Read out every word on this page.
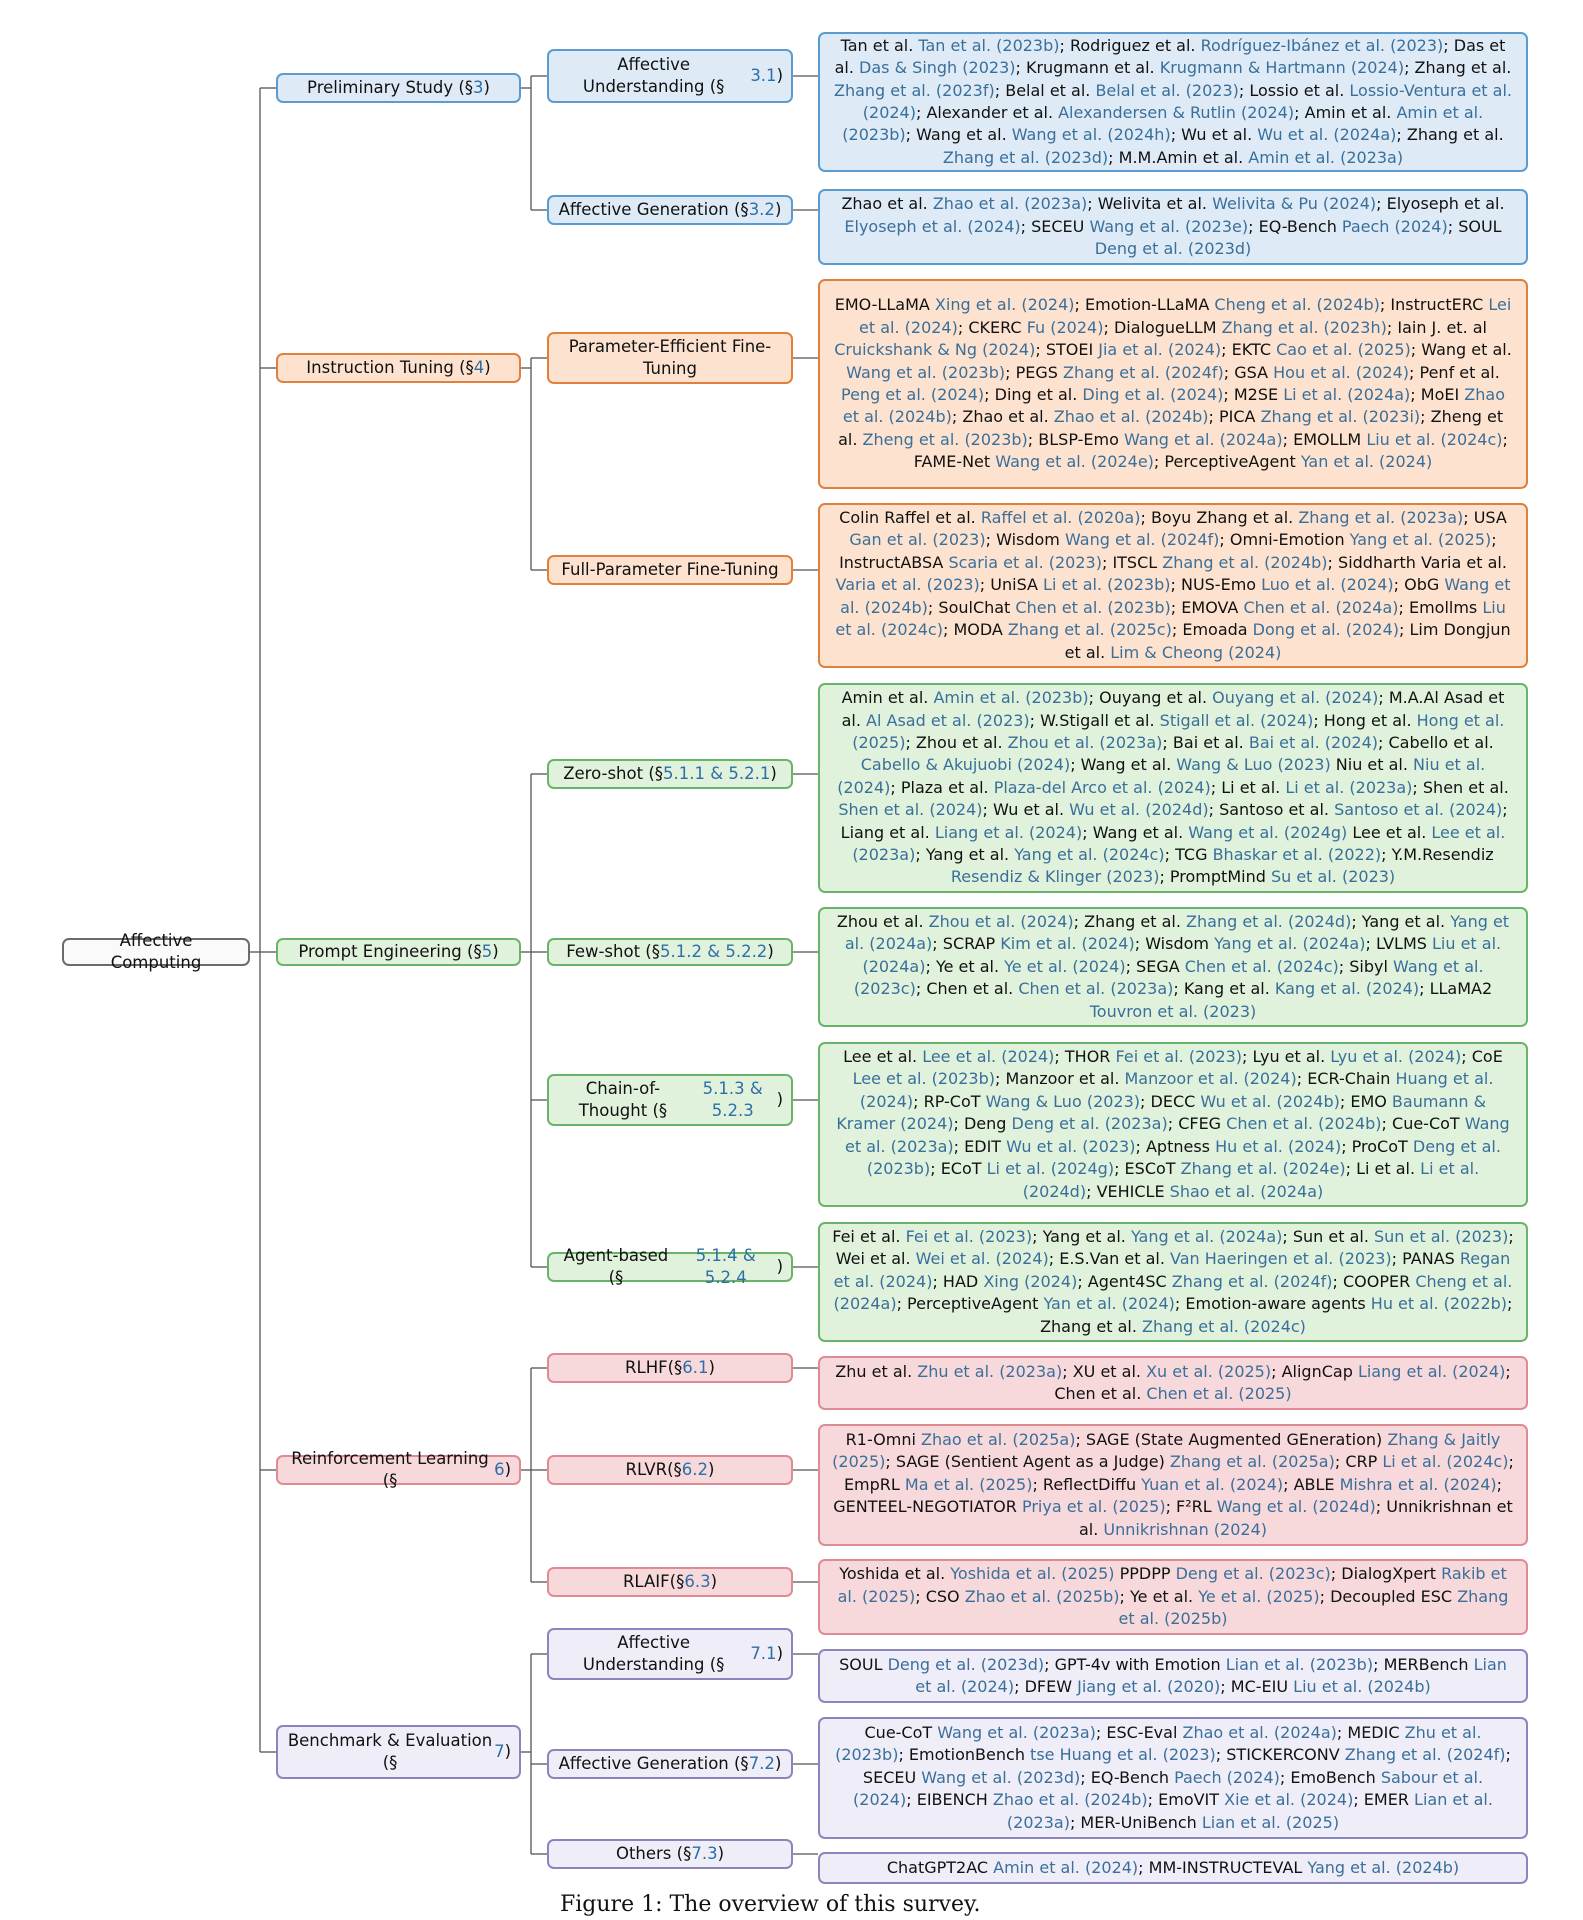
Affective Computing
Preliminary Study (§ 3 )
Affective Understanding (§
3.1 )
Tan et al. Tan et al. (2023b); Rodriguez et al. Rodríguez-Ibánez et al. (2023); Das et al. Das & Singh (2023); Krugmann et al. Krugmann & Hartmann (2024); Zhang et al. Zhang et al. (2023f); Belal et al. Belal et al. (2023); Lossio et al. Lossio-Ventura et al. (2024); Alexander et al. Alexandersen & Rutlin (2024); Amin et al. Amin et al. (2023b); Wang et al. Wang et al. (2024h); Wu et al. Wu et al. (2024a); Zhang et al. Zhang et al. (2023d); M.M.Amin et al. Amin et al. (2023a)
Affective Generation (§ 3.2 )	Zhao et al. Zhao et al. (2023a); Welivita et al. Welivita & Pu (2024); Elyoseph et al. Elyoseph et al. (2024); SECEU Wang et al. (2023e); EQ-Bench Paech (2024); SOUL Deng et al. (2023d)
Instruction Tuning (§ 4 )
Parameter-Efficient Fine-Tuning
EMO-LLaMA Xing et al. (2024); Emotion-LLaMA Cheng et al. (2024b); InstructERC Lei et al. (2024); CKERC Fu (2024); DialogueLLM Zhang et al. (2023h); Iain J. et. al Cruickshank & Ng (2024); STOEI Jia et al. (2024); EKTC Cao et al. (2025); Wang et al. Wang et al. (2023b); PEGS Zhang et al. (2024f); GSA Hou et al. (2024); Penf et al. Peng et al. (2024); Ding et al. Ding et al. (2024); M2SE Li et al. (2024a); MoEI Zhao et al. (2024b); Zhao et al. Zhao et al. (2024b); PICA Zhang et al. (2023i); Zheng et al. Zheng et al. (2023b); BLSP-Emo Wang et al. (2024a); EMOLLM Liu et al. (2024c); FAME-Net Wang et al. (2024e); PerceptiveAgent Yan et al. (2024)
Full-Parameter Fine-Tuning
Colin Raffel et al. Raffel et al. (2020a); Boyu Zhang et al. Zhang et al. (2023a); USA Gan et al. (2023); Wisdom Wang et al. (2024f); Omni-Emotion Yang et al. (2025); InstructABSA Scaria et al. (2023); ITSCL Zhang et al. (2024b); Siddharth Varia et al. Varia et al. (2023); UniSA Li et al. (2023b); NUS-Emo Luo et al. (2024); ObG Wang et al. (2024b); SoulChat Chen et al. (2023b); EMOVA Chen et al. (2024a); Emollms Liu et al. (2024c); MODA Zhang et al. (2025c); Emoada Dong et al. (2024); Lim Dongjun et al. Lim & Cheong (2024)
Prompt Engineering (§ 5 )
Zero-shot (§ 5.1.1 & 5.2.1 )
Amin et al. Amin et al. (2023b); Ouyang et al. Ouyang et al. (2024); M.A.Al Asad et al. Al Asad et al. (2023); W.Stigall et al. Stigall et al. (2024); Hong et al. Hong et al. (2025); Zhou et al. Zhou et al. (2023a); Bai et al. Bai et al. (2024); Cabello et al. Cabello & Akujuobi (2024); Wang et al. Wang & Luo (2023) Niu et al. Niu et al. (2024); Plaza et al. Plaza-del Arco et al. (2024); Li et al. Li et al. (2023a); Shen et al. Shen et al. (2024); Wu et al. Wu et al. (2024d); Santoso et al. Santoso et al. (2024); Liang et al. Liang et al. (2024); Wang et al. Wang et al. (2024g) Lee et al. Lee et al. (2023a); Yang et al. Yang et al. (2024c); TCG Bhaskar et al. (2022); Y.M.Resendiz Resendiz & Klinger (2023); PromptMind Su et al. (2023)
Few-shot (§ 5.1.2 & 5.2.2 )
Zhou et al. Zhou et al. (2024); Zhang et al. Zhang et al. (2024d); Yang et al. Yang et al. (2024a); SCRAP Kim et al. (2024); Wisdom Yang et al. (2024a); LVLMS Liu et al. (2024a); Ye et al. Ye et al. (2024); SEGA Chen et al. (2024c); Sibyl Wang et al. (2023c); Chen et al. Chen et al. (2023a); Kang et al. Kang et al. (2024); LLaMA2 Touvron et al. (2023)
Chain-of-Thought (§
5.1.3 & 5.2.3
)
Lee et al. Lee et al. (2024); THOR Fei et al. (2023); Lyu et al. Lyu et al. (2024); CoE Lee et al. (2023b); Manzoor et al. Manzoor et al. (2024); ECR-Chain Huang et al. (2024); RP-CoT Wang & Luo (2023); DECC Wu et al. (2024b); EMO Baumann & Kramer (2024); Deng Deng et al. (2023a); CFEG Chen et al. (2024b); Cue-CoT Wang et al. (2023a); EDIT Wu et al. (2023); Aptness Hu et al. (2024); ProCoT Deng et al. (2023b); ECoT Li et al. (2024g); ESCoT Zhang et al. (2024e); Li et al. Li et al. (2024d); VEHICLE Shao et al. (2024a)
Agent-based (§
5.1.4 & 5.2.4
)
Fei et al. Fei et al. (2023); Yang et al. Yang et al. (2024a); Sun et al. Sun et al. (2023); Wei et al. Wei et al. (2024); E.S.Van et al. Van Haeringen et al. (2023); PANAS Regan et al. (2024); HAD Xing (2024); Agent4SC Zhang et al. (2024f); COOPER Cheng et al. (2024a); PerceptiveAgent Yan et al. (2024); Emotion-aware agents Hu et al. (2022b); Zhang et al. Zhang et al. (2024c)
Reinforcement Learning (§
6 )
RLHF(§ 6.1 )	Zhu et al. Zhu et al. (2023a); XU et al. Xu et al. (2025); AlignCap Liang et al. (2024); Chen et al. Chen et al. (2025)
RLVR(§ 6.2 )
R1-Omni Zhao et al. (2025a); SAGE (State Augmented GEneration) Zhang & Jaitly (2025); SAGE (Sentient Agent as a Judge) Zhang et al. (2025a); CRP Li et al. (2024c); EmpRL Ma et al. (2025); ReflectDiffu Yuan et al. (2024); ABLE Mishra et al. (2024); GENTEEL-NEGOTIATOR Priya et al. (2025); F²RL Wang et al. (2024d); Unnikrishnan et al. Unnikrishnan (2024)
RLAIF(§ 6.3 )	Yoshida et al. Yoshida et al. (2025) PPDPP Deng et al. (2023c); DialogXpert Rakib et al. (2025); CSO Zhao et al. (2025b); Ye et al. Ye et al. (2025); Decoupled ESC Zhang et al. (2025b)
Benchmark & Evaluation (§
7 )
Affective Understanding (§
7.1 )
SOUL Deng et al. (2023d); GPT-4v with Emotion Lian et al. (2023b); MERBench Lian et al. (2024); DFEW Jiang et al. (2020); MC-EIU Liu et al. (2024b)
Affective Generation (§ 7.2 )
Cue-CoT Wang et al. (2023a); ESC-Eval Zhao et al. (2024a); MEDIC Zhu et al. (2023b); EmotionBench tse Huang et al. (2023); STICKERCONV Zhang et al. (2024f); SECEU Wang et al. (2023d); EQ-Bench Paech (2024); EmoBench Sabour et al. (2024); EIBENCH Zhao et al. (2024b); EmoVIT Xie et al. (2024); EMER Lian et al. (2023a); MER-UniBench Lian et al. (2025)
Others (§ 7.3 )
ChatGPT2AC Amin et al. (2024); MM-INSTRUCTEVAL Yang et al. (2024b)
Figure 1: The overview of this survey.
